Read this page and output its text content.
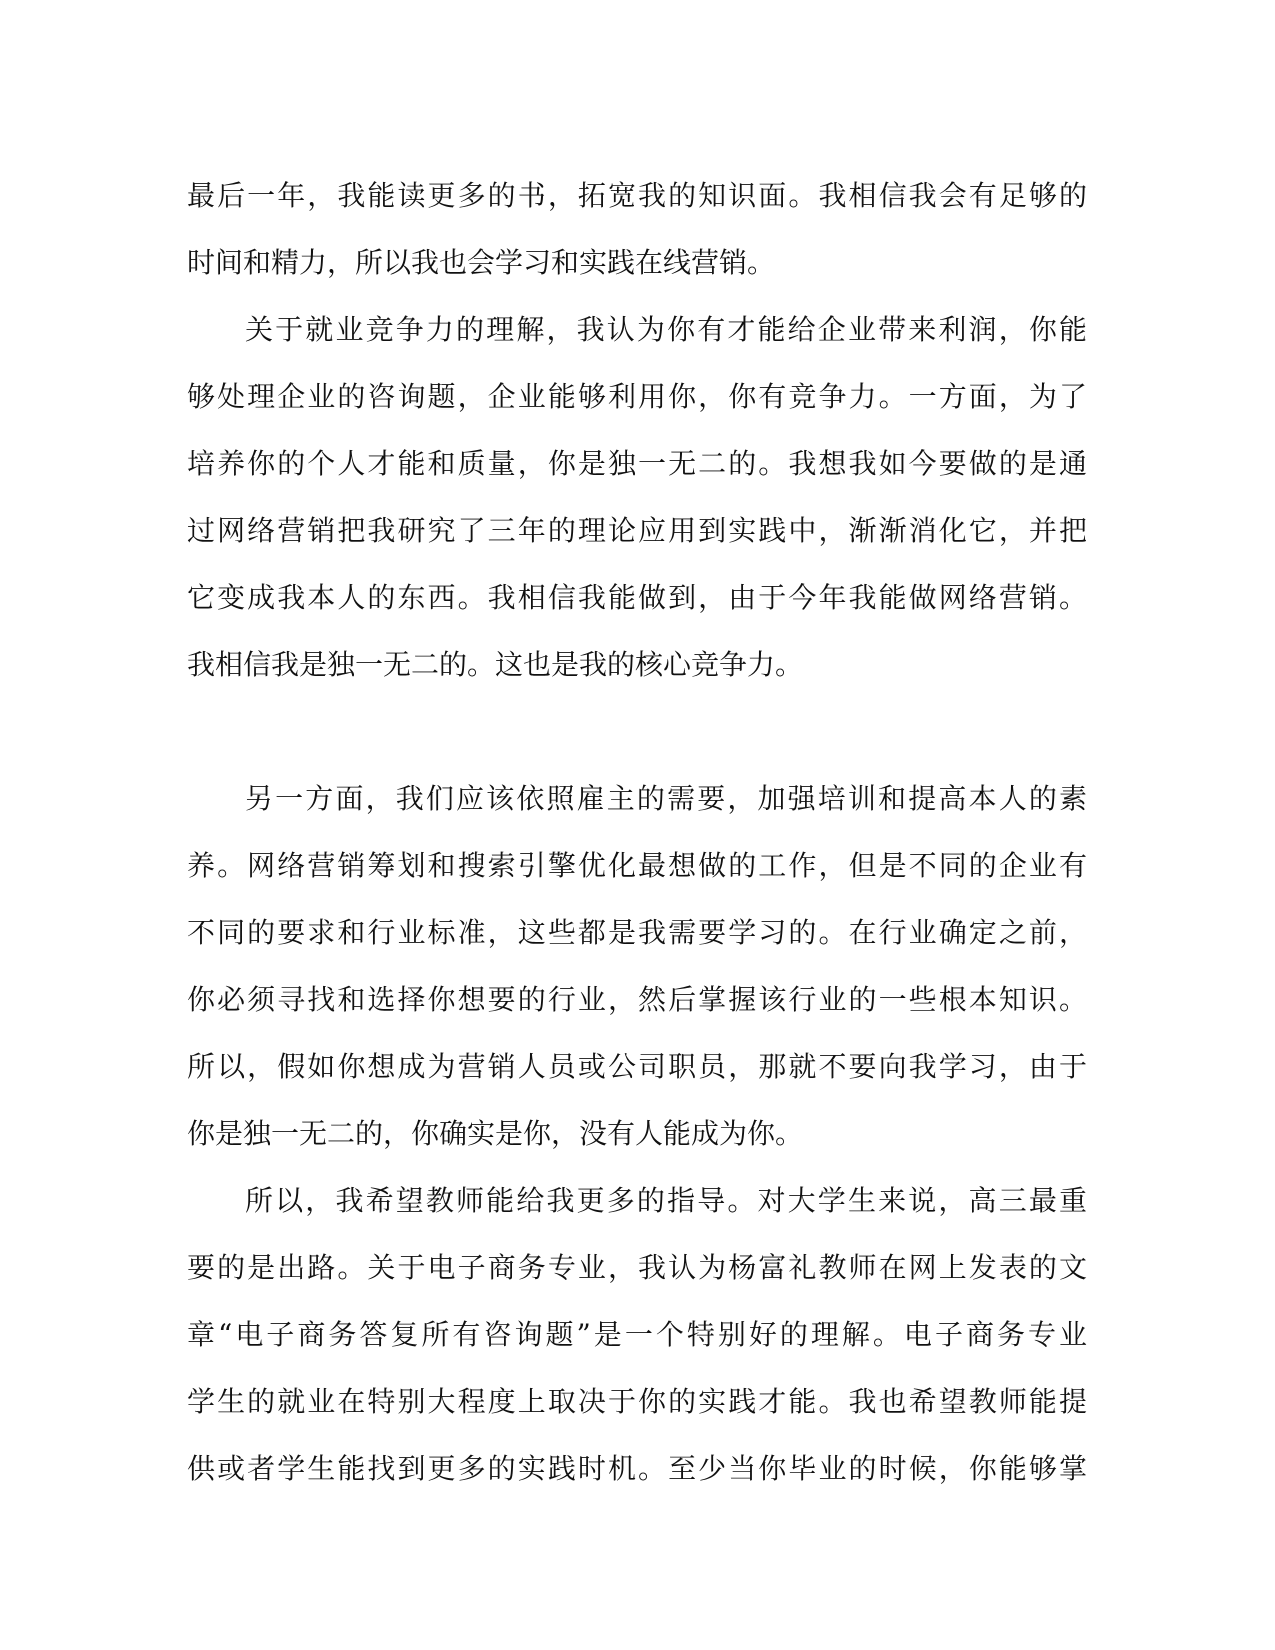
最后一年，我能读更多的书，拓宽我的知识面。我相信我会有足够的
时间和精力，所以我也会学习和实践在线营销。
关于就业竞争力的理解，我认为你有才能给企业带来利润，你能
够处理企业的咨询题，企业能够利用你，你有竞争力。一方面，为了
培养你的个人才能和质量，你是独一无二的。我想我如今要做的是通
过网络营销把我研究了三年的理论应用到实践中，渐渐消化它，并把
它变成我本人的东西。我相信我能做到，由于今年我能做网络营销。
我相信我是独一无二的。这也是我的核心竞争力。
另一方面，我们应该依照雇主的需要，加强培训和提高本人的素
养。网络营销筹划和搜索引擎优化最想做的工作，但是不同的企业有
不同的要求和行业标准，这些都是我需要学习的。在行业确定之前，
你必须寻找和选择你想要的行业，然后掌握该行业的一些根本知识。
所以，假如你想成为营销人员或公司职员，那就不要向我学习，由于
你是独一无二的，你确实是你，没有人能成为你。
所以，我希望教师能给我更多的指导。对大学生来说，高三最重
要的是出路。关于电子商务专业，我认为杨富礼教师在网上发表的文
章“电子商务答复所有咨询题”是一个特别好的理解。电子商务专业
学生的就业在特别大程度上取决于你的实践才能。我也希望教师能提
供或者学生能找到更多的实践时机。至少当你毕业的时候，你能够掌
